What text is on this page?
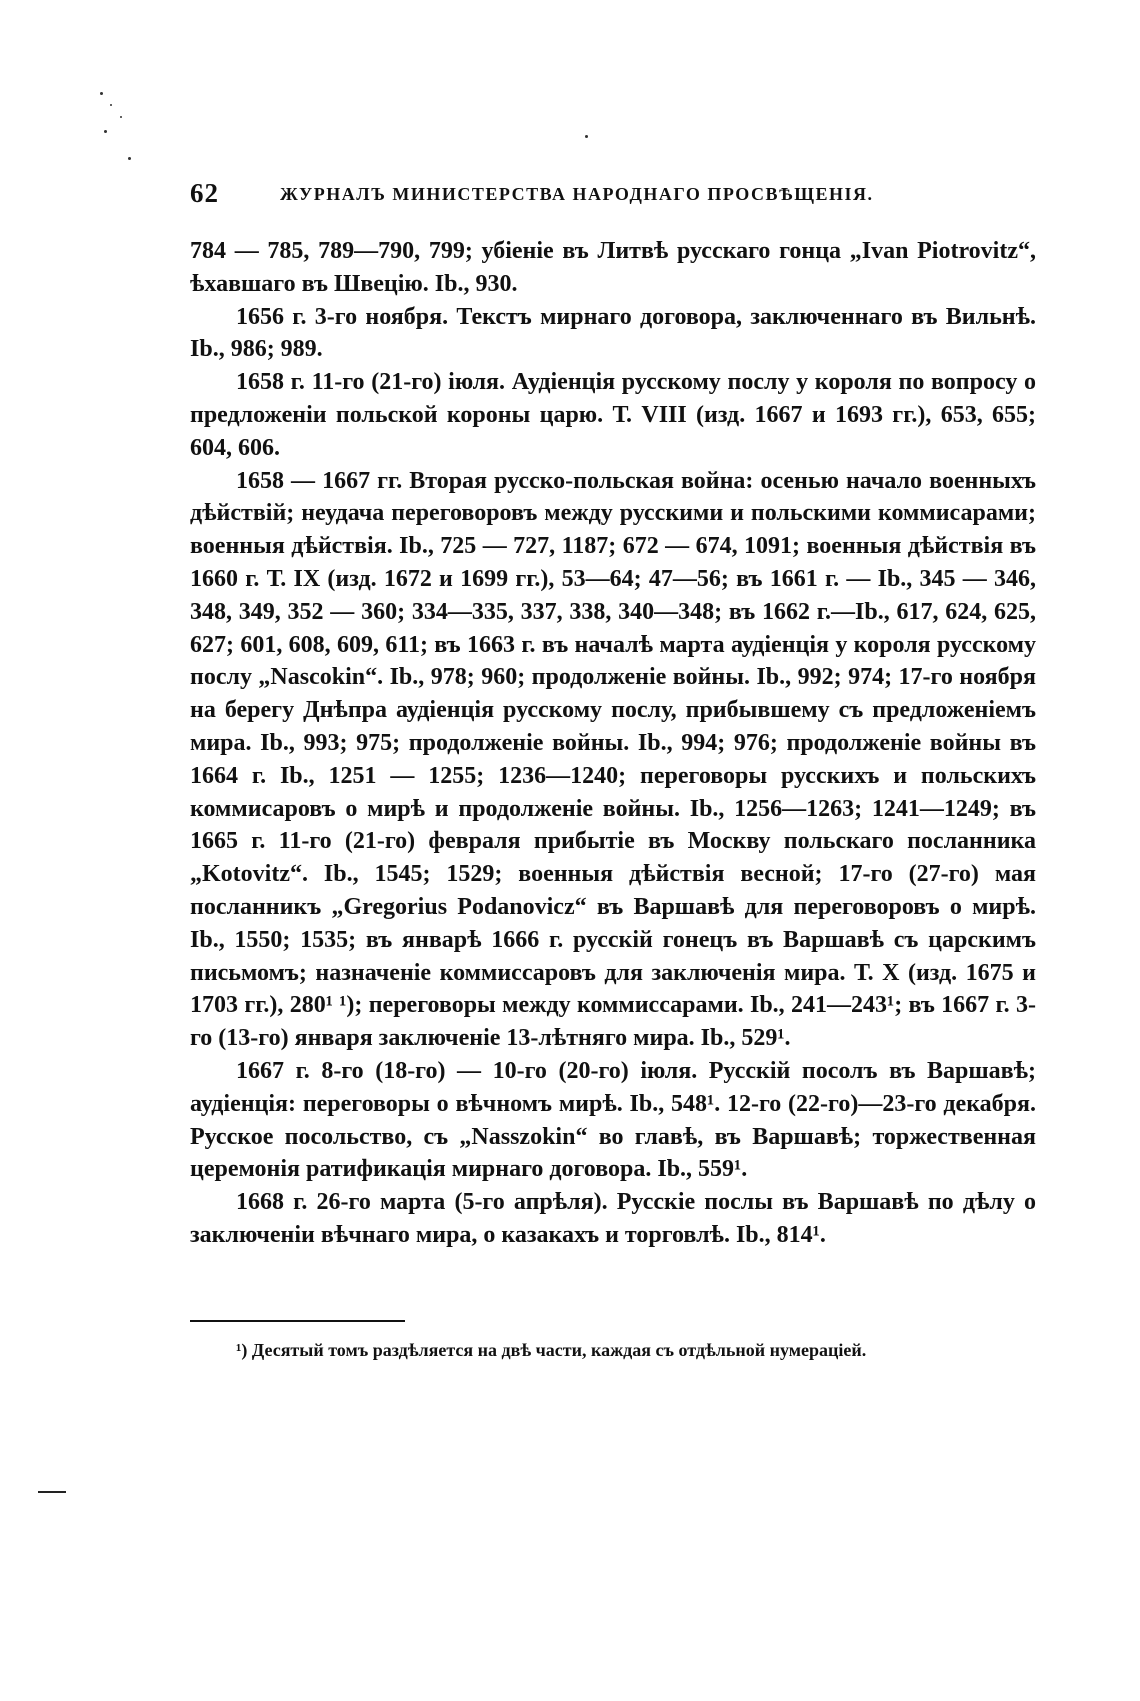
62	ЖУРНАЛЪ МИНИСТЕРСТВА НАРОДНАГО ПРОСВѢЩЕНІЯ.

784 — 785, 789—790, 799; убіеніе въ Литвѣ русскаго гонца „Ivan Piotrovitz“, ѣхавшаго въ Швецію. Ib., 930.

1656 г. 3-го ноября. Текстъ мирнаго договора, заключеннаго въ Вильнѣ. Ib., 986; 989.

1658 г. 11-го (21-го) іюля. Аудіенція русскому послу у короля по вопросу о предложеніи польской короны царю. Т. VIII (изд. 1667 и 1693 гг.), 653, 655; 604, 606.

1658 — 1667 гг. Вторая русско-польская война: осенью начало военныхъ дѣйствій; неудача переговоровъ между русскими и польскими коммисарами; военныя дѣйствія. Ib., 725 — 727, 1187; 672 — 674, 1091; военныя дѣйствія въ 1660 г. Т. IX (изд. 1672 и 1699 гг.), 53—64; 47—56; въ 1661 г. — Ib., 345 — 346, 348, 349, 352 — 360; 334—335, 337, 338, 340—348; въ 1662 г.—Ib., 617, 624, 625, 627; 601, 608, 609, 611; въ 1663 г. въ началѣ марта аудіенція у короля русскому послу „Nascokin“. Ib., 978; 960; продолженіе войны. Ib., 992; 974; 17-го ноября на берегу Днѣпра аудіенція русскому послу, прибывшему съ предложеніемъ мира. Ib., 993; 975; продолженіе войны. Ib., 994; 976; продолженіе войны въ 1664 г. Ib., 1251 — 1255; 1236—1240; переговоры русскихъ и польскихъ коммисаровъ о мирѣ и продолженіе войны. Ib., 1256—1263; 1241—1249; въ 1665 г. 11-го (21-го) февраля прибытіе въ Москву польскаго посланника „Kotovitz“. Ib., 1545; 1529; военныя дѣйствія весной; 17-го (27-го) мая посланникъ „Gregorius Podanovicz“ въ Варшавѣ для переговоровъ о мирѣ. Ib., 1550; 1535; въ январѣ 1666 г. русскій гонецъ въ Варшавѣ съ царскимъ письмомъ; назначеніе коммиссаровъ для заключенія мира. Т. X (изд. 1675 и 1703 гг.), 280¹ ¹); переговоры между коммиссарами. Ib., 241—243¹; въ 1667 г. 3-го (13-го) января заключеніе 13-лѣтняго мира. Ib., 529¹.

1667 г. 8-го (18-го) — 10-го (20-го) іюля. Русскій посолъ въ Варшавѣ; аудіенція: переговоры о вѣчномъ мирѣ. Ib., 548¹. 12-го (22-го)—23-го декабря. Русское посольство, съ „Nasszokin“ во главѣ, въ Варшавѣ; торжественная церемонія ратификація мирнаго договора. Ib., 559¹.

1668 г. 26-го марта (5-го апрѣля). Русскіе послы въ Варшавѣ по дѣлу о заключеніи вѣчнаго мира, о казакахъ и торговлѣ. Ib., 814¹.

¹) Десятый томъ раздѣляется на двѣ части, каждая съ отдѣльной нумераціей.
